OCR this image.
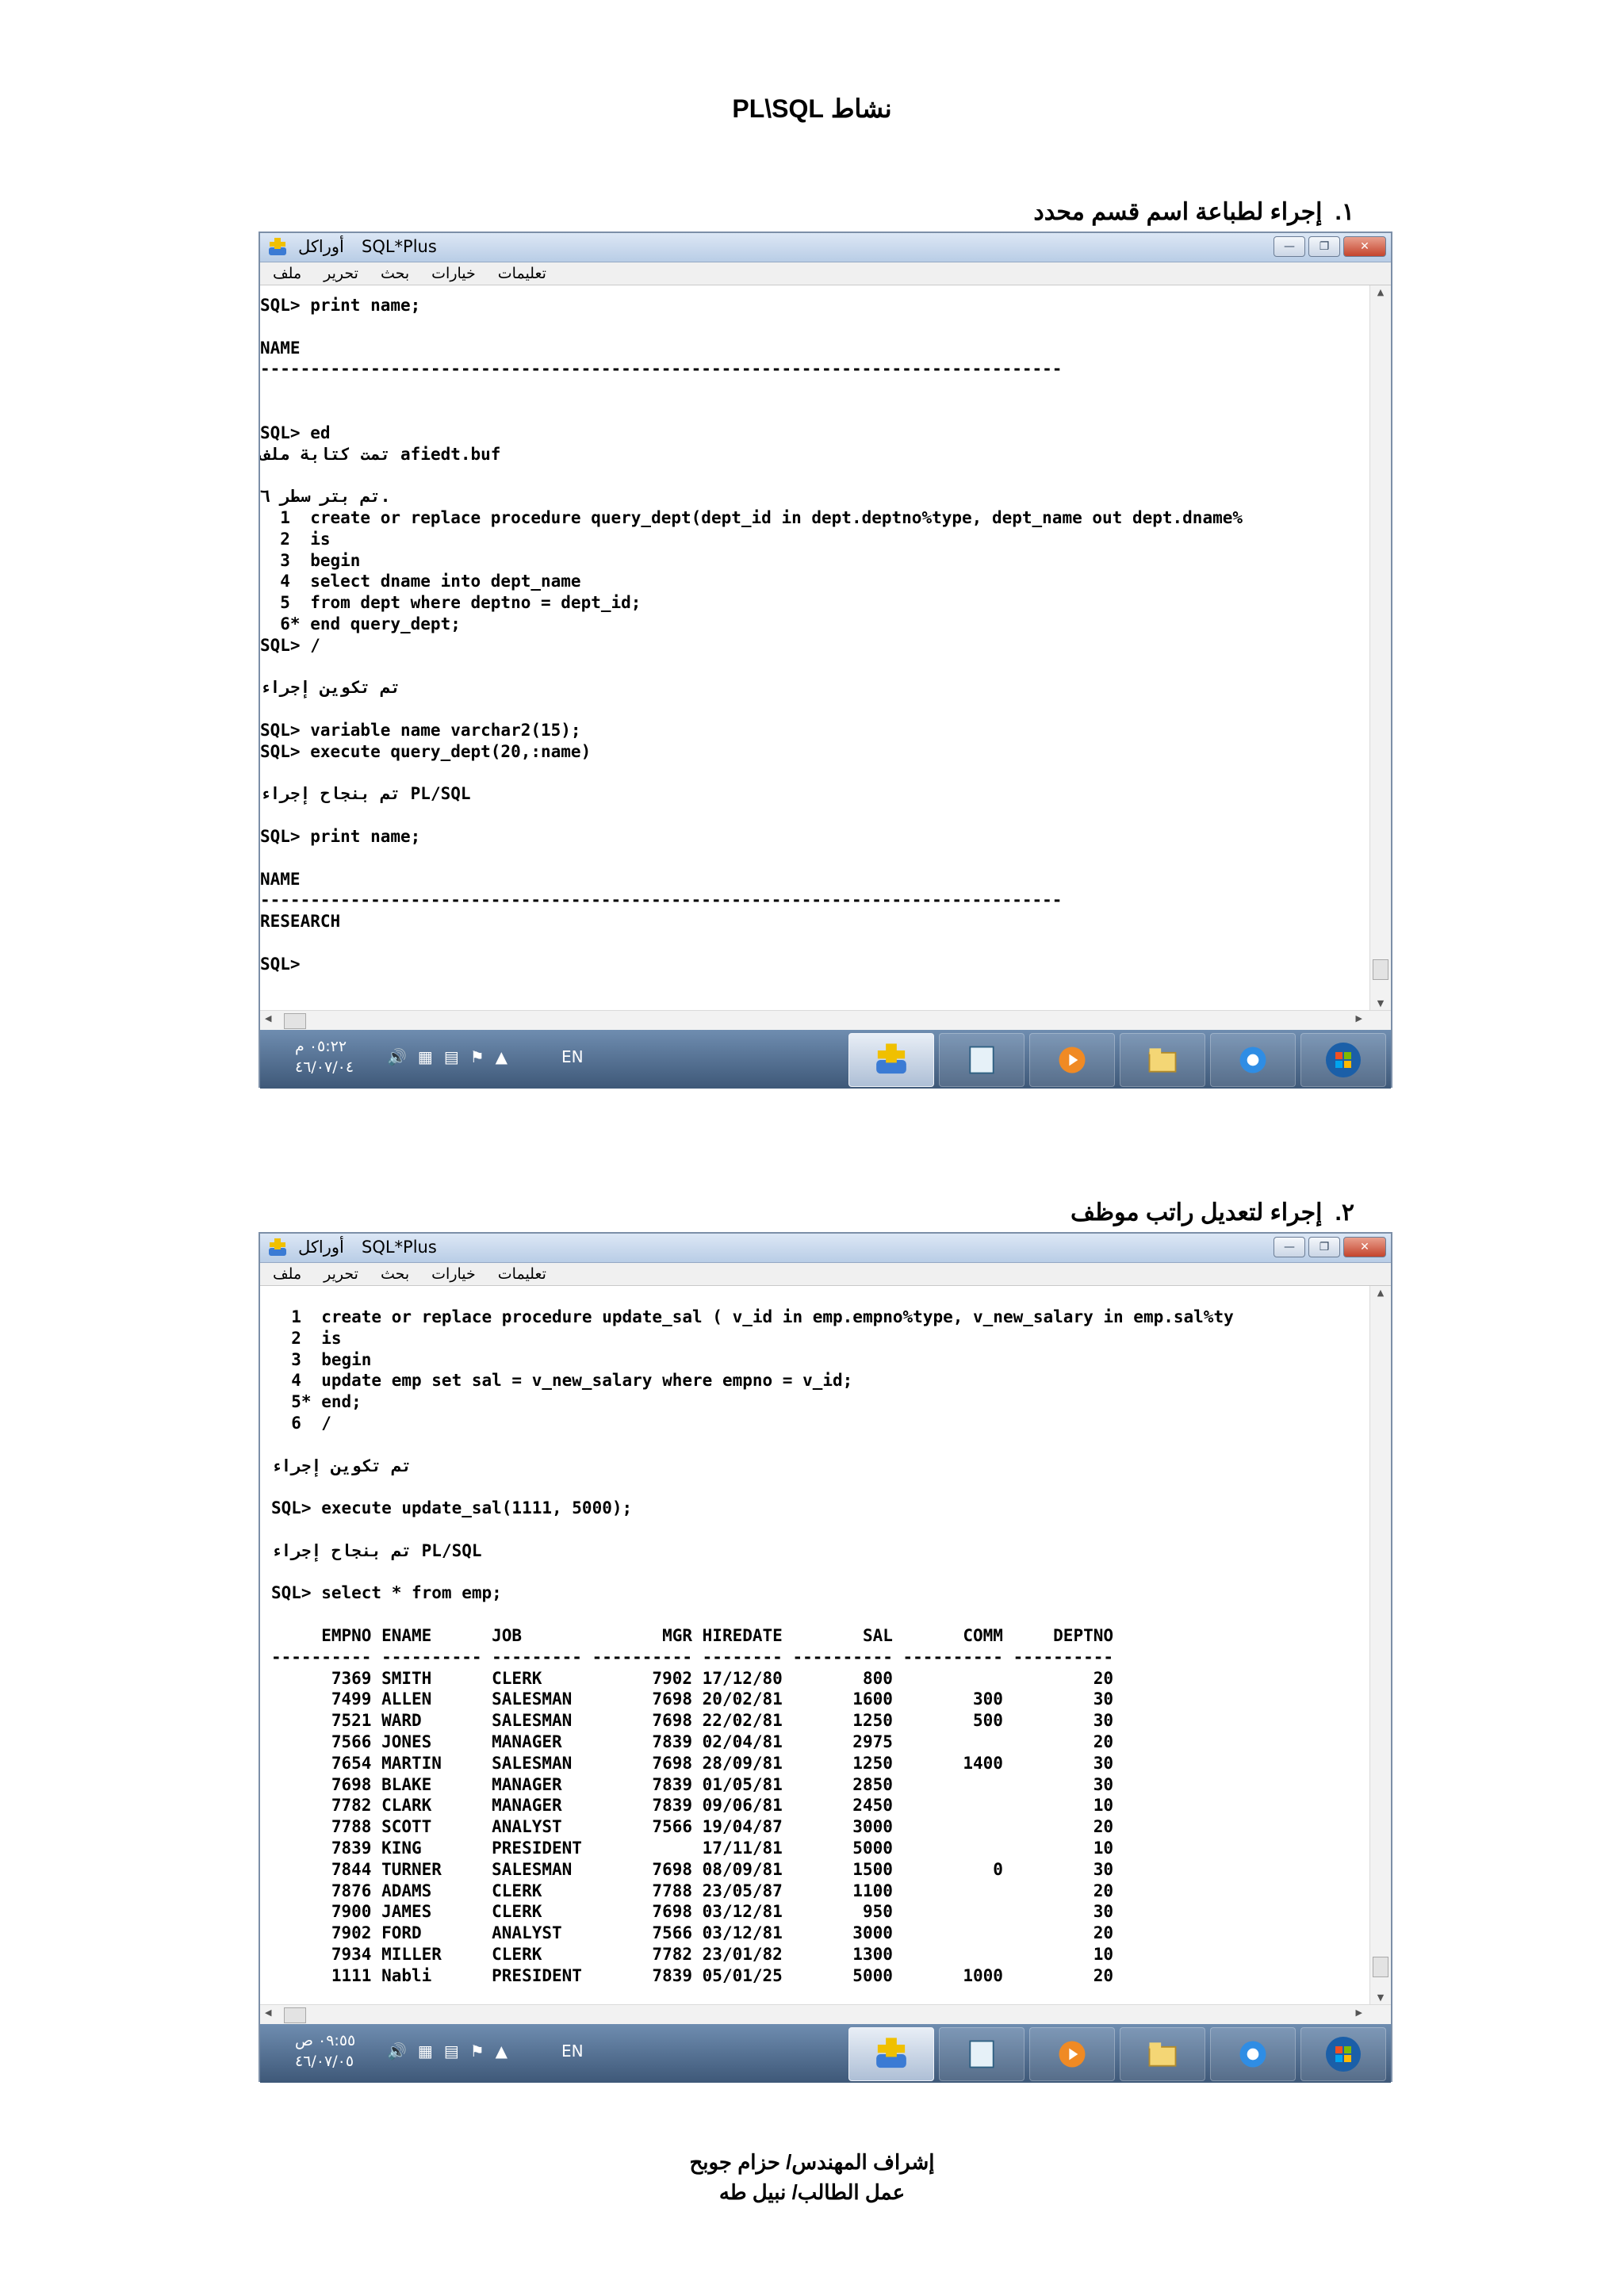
نشاط PL\SQL
١.إجراء لطباعة اسم قسم محدد
أوراكل SQL*Plus	—	❐	✕
ملف تحرير بحث خيارات تعليمات
SQL> print name;

NAME
--------------------------------------------------------------------------------

SQL> ed
تمت كتابة ملف afiedt.buf

تم بتر سطر ٦.
1  create or replace procedure query_dept(dept_id in dept.deptno%type, dept_name out dept.dname%
2  is
3  begin
4  select dname into dept_name
5  from dept where deptno = dept_id;
6* end query_dept;
SQL> /

تم تكوين إجراء

SQL> variable name varchar2(15);
SQL> execute query_dept(20,:name)

تم بنجاح إجراء PL/SQL

SQL> print name;

NAME
--------------------------------------------------------------------------------
RESEARCH

SQL>
▲
▼
◀	▶
٠٥:٢٢ م
٤٦/٠٧/٠٤
🔊 ▦ ▤ ⚑ ▲	EN
٢.إجراء لتعديل راتب موظف
أوراكل SQL*Plus	—	❐	✕
ملف تحرير بحث خيارات تعليمات
1  create or replace procedure update_sal ( v_id in emp.empno%type, v_new_salary in emp.sal%ty
2  is
3  begin
4  update emp set sal = v_new_salary where empno = v_id;
5* end;
6  /

تم تكوين إجراء

SQL> execute update_sal(1111, 5000);

تم بنجاح إجراء PL/SQL

SQL> select * from emp;

EMPNO ENAME      JOB              MGR HIREDATE        SAL       COMM     DEPTNO
---------- ---------- --------- ---------- -------- ---------- ---------- ----------
7369 SMITH      CLERK           7902 17/12/80        800                    20
7499 ALLEN      SALESMAN        7698 20/02/81       1600        300         30
7521 WARD       SALESMAN        7698 22/02/81       1250        500         30
7566 JONES      MANAGER         7839 02/04/81       2975                    20
7654 MARTIN     SALESMAN        7698 28/09/81       1250       1400         30
7698 BLAKE      MANAGER         7839 01/05/81       2850                    30
7782 CLARK      MANAGER         7839 09/06/81       2450                    10
7788 SCOTT      ANALYST         7566 19/04/87       3000                    20
7839 KING       PRESIDENT            17/11/81       5000                    10
7844 TURNER     SALESMAN        7698 08/09/81       1500          0         30
7876 ADAMS      CLERK           7788 23/05/87       1100                    20
7900 JAMES      CLERK           7698 03/12/81        950                    30
7902 FORD       ANALYST         7566 03/12/81       3000                    20
7934 MILLER     CLERK           7782 23/01/82       1300                    10
1111 Nabli      PRESIDENT       7839 05/01/25       5000       1000         20
▲
▼
◀	▶
٠٩:٥٥ ص
٤٦/٠٧/٠٥
🔊 ▦ ▤ ⚑ ▲	EN
إشراف المهندس/ حزام جوبح
عمل الطالب/ نبيل طه
